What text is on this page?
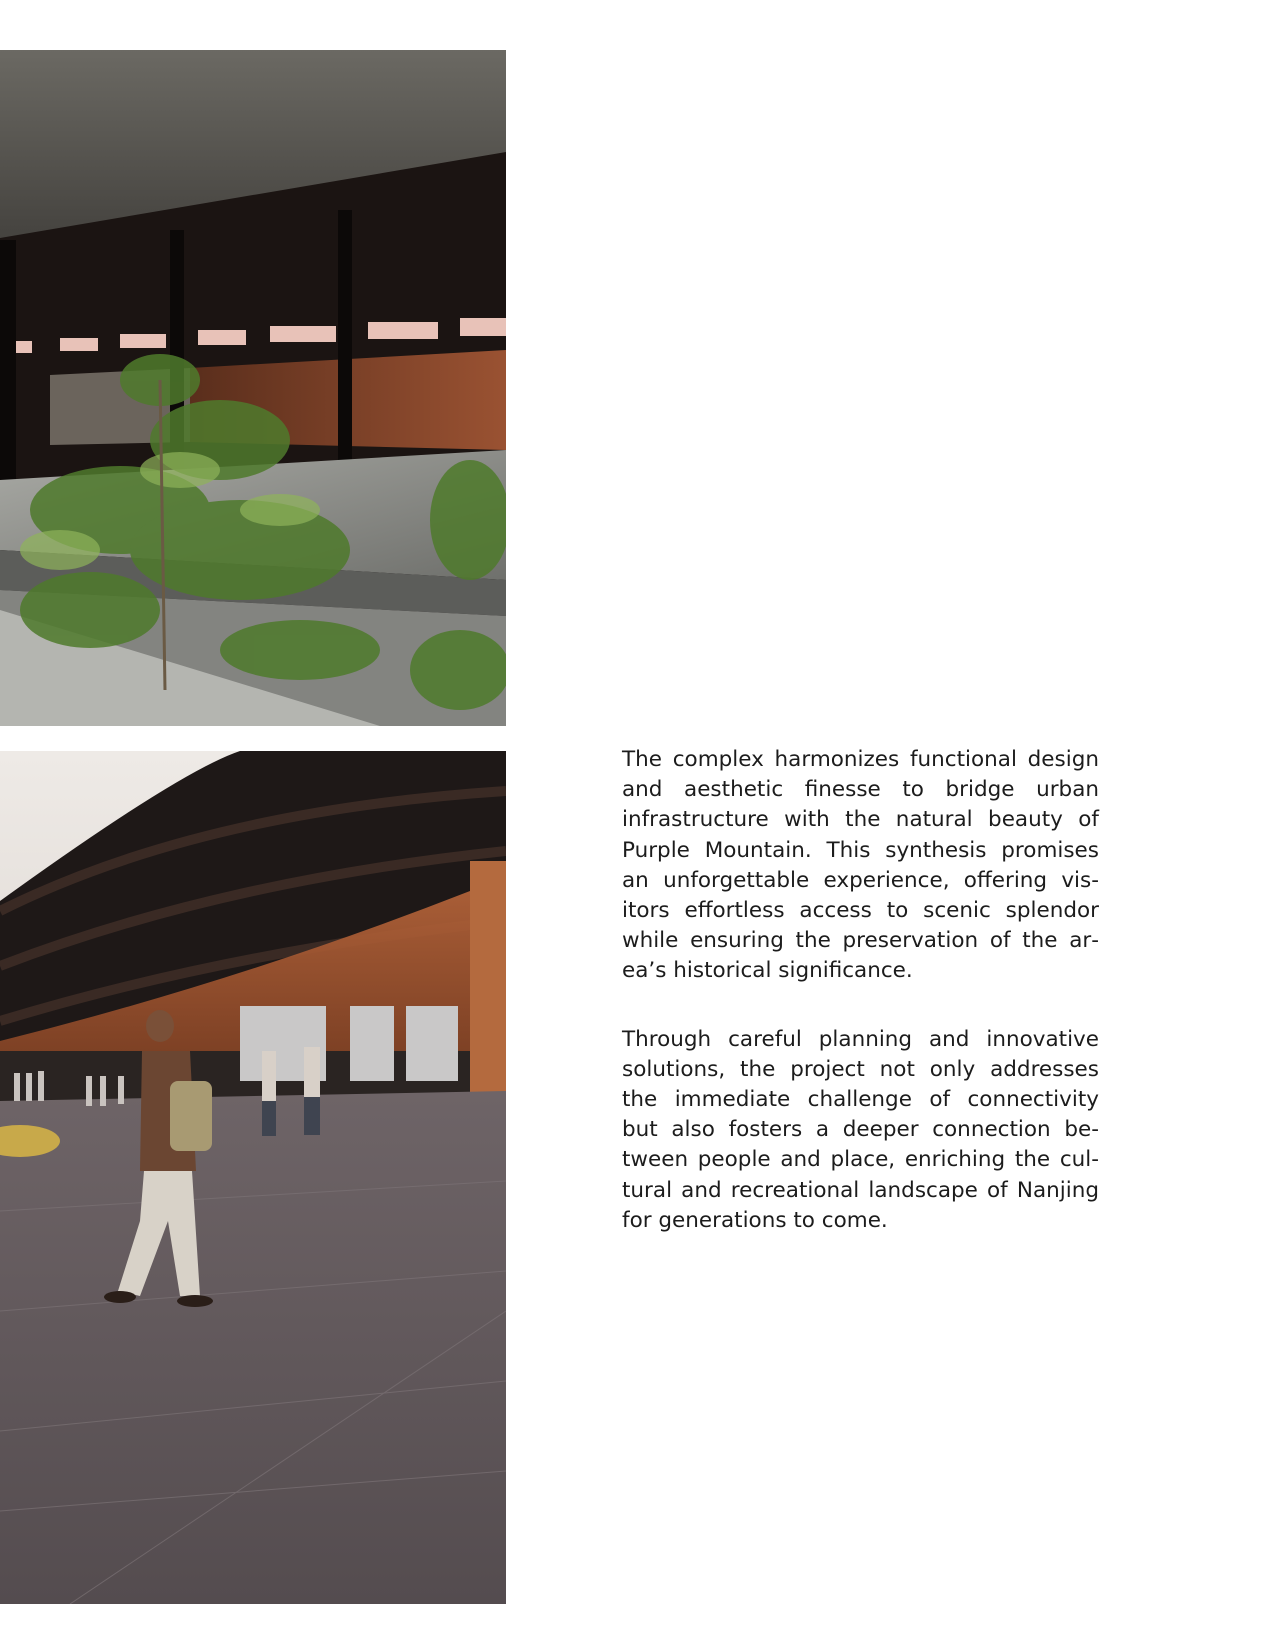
The complex harmonizes functional design and aesthetic finesse to bridge urban infrastructure with the natural beauty of Purple Mountain. This synthesis promises an unforgettable experience, offering visitors effortless access to scenic splendor while ensuring the preservation of the area’s historical significance.

Through careful planning and innovative solutions, the project not only addresses the immediate challenge of connectivity but also fosters a deeper connection between people and place, enriching the cultural and recreational landscape of Nanjing for generations to come.
